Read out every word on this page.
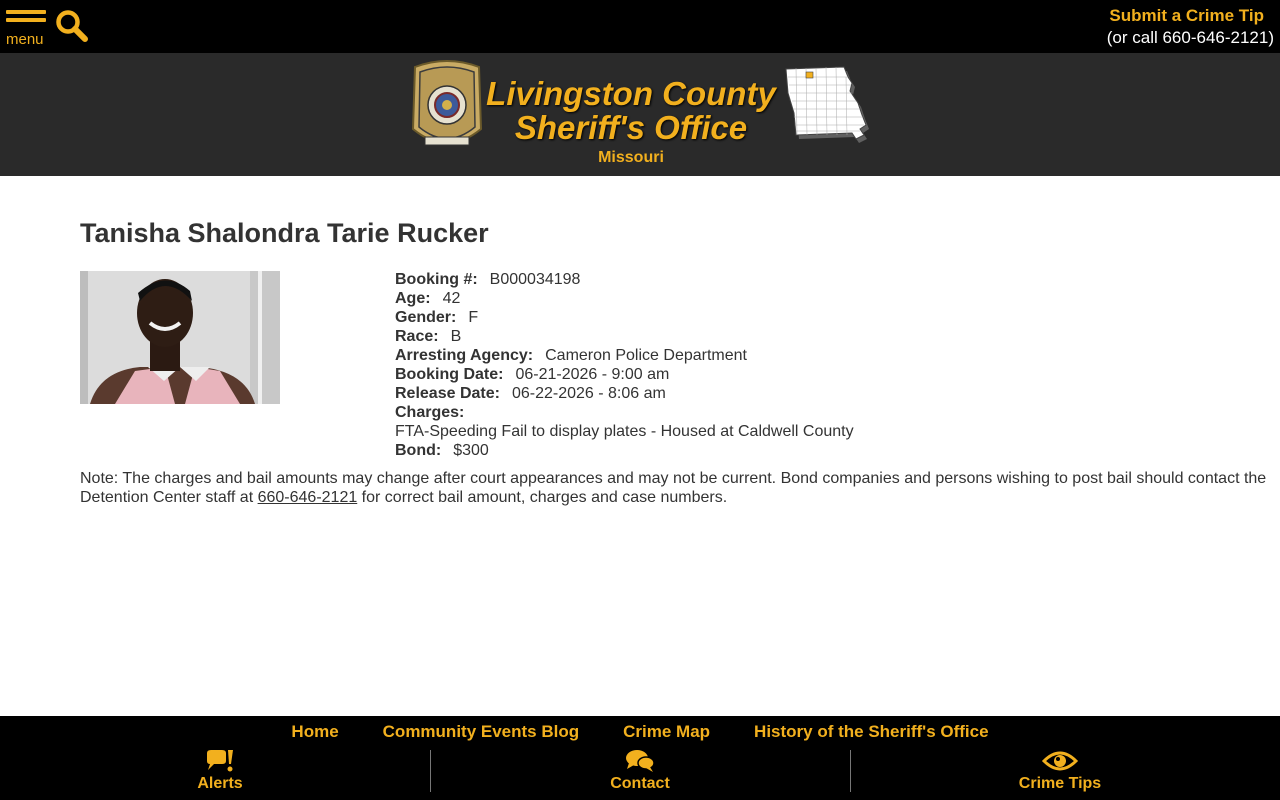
menu
Submit a Crime Tip
(or call 660-646-2121)
Livingston County
Sheriff's Office
Missouri
Tanisha Shalondra Tarie Rucker
Booking #: B000034198
Age: 42
Gender: F
Race: B
Arresting Agency: Cameron Police Department
Booking Date: 06-21-2026 - 9:00 am
Release Date: 06-22-2026 - 8:06 am
Charges:
FTA-Speeding Fail to display plates - Housed at Caldwell County
Bond: $300

Note: The charges and bail amounts may change after court appearances and may not be current. Bond companies and persons wishing to post bail should contact the Detention Center staff at 660-646-2121 for correct bail amount, charges and case numbers.

Home	Community Events Blog	Crime Map	History of the Sheriff's Office
Alerts	Contact	Crime Tips
